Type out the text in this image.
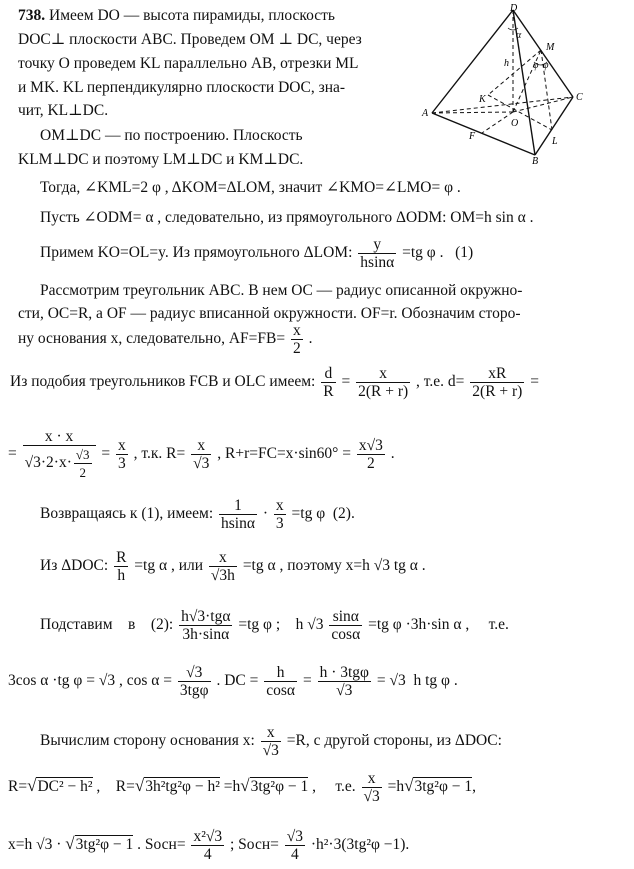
738. Имеем DO — высота пирамиды, плоскость
DOC⊥ плоскости ABC. Проведем OM ⊥ DC, через
точку O проведем KL параллельно AB, отрезки ML
и MK. KL перпендикулярно плоскости DOC, зна-
чит, KL⊥DC.
OM⊥DC — по построению. Плоскость
KLM⊥DC и поэтому LM⊥DC и KM⊥DC.
D
M
h
α
φ φ
A
K
O
C
F	L
B
Тогда, ∠KML=2 φ , ΔKOM=ΔLOM, значит ∠KMO=∠LMO= φ .
Пусть ∠ODM= α , следовательно, из прямоугольного ΔODM: OM=h sin α .
Примем KO=OL=y. Из прямоугольного ΔLOM: $\frac{y}{hsin\alpha} =tg$ φ .   (1)
Рассмотрим треугольник ABC. В нем OC — радиус описанной окружно-
сти, OC=R, а OF — радиус вписанной окружности. OF=r. Обозначим сторо-
ну основания x, следовательно, $AF=FB= \frac{x}{2}$ .
Из подобия треугольников FCB и OLC имеем: $\frac{d}{R} = \frac{x}{2(R + r)}$ , т.е. $d= \frac{xR}{2(R + r)}$ =
= $\frac{x \cdot x}{√3\cdot 2\cdot x\cdot \frac{√3}{2}} = \frac{x}{3}$ , т.к. $R= \frac{x}{√3}$ , $R+r=FC=x\cdot\sin 60^\circ = \frac{x√3}{2}$ .
Возвращаясь к (1), имеем: $\frac{1}{hsin\alpha} \cdot \frac{x}{3} =tg$ φ  (2).
Из ΔDOC: $\frac{R}{h} =tg$ α , или $\frac{x}{√3h} =tg$ α , поэтому x=h √3 tg α .
Подставим    в    (2): $\frac{\text{h√3·tgα}}{3h\cdot\sin\alpha} =tg$ φ ;    h $√3 \frac{\sin\alpha}{\cos\alpha} =tg$ φ ·3h·sin α ,     т.е.
3cos α ·tg φ = √3 , $\cos \alpha = \frac{√3}{\text{3tgφ}}$ . DC = $\frac{h}{\cos\alpha} = \frac{\text{h · 3tgφ}}{√3} = √3$  h tg φ .
Вычислим сторону основания x: $\frac{x}{√3} =R$, с другой стороны, из ΔDOC:
R=√DC² − h² ,    R=√3h²tg²φ − h² =h√3tg²φ − 1 ,     т.е. $\frac{x}{√3} =h√3tg^2\varphi - 1$,
x=h √3 · √3tg²φ − 1 . Sосн= $\frac{\text{x²√3}}{4}$ ; Sосн= $\frac{√3}{4} \cdot h^2\cdot 3(3tg^2\varphi -1)$.
